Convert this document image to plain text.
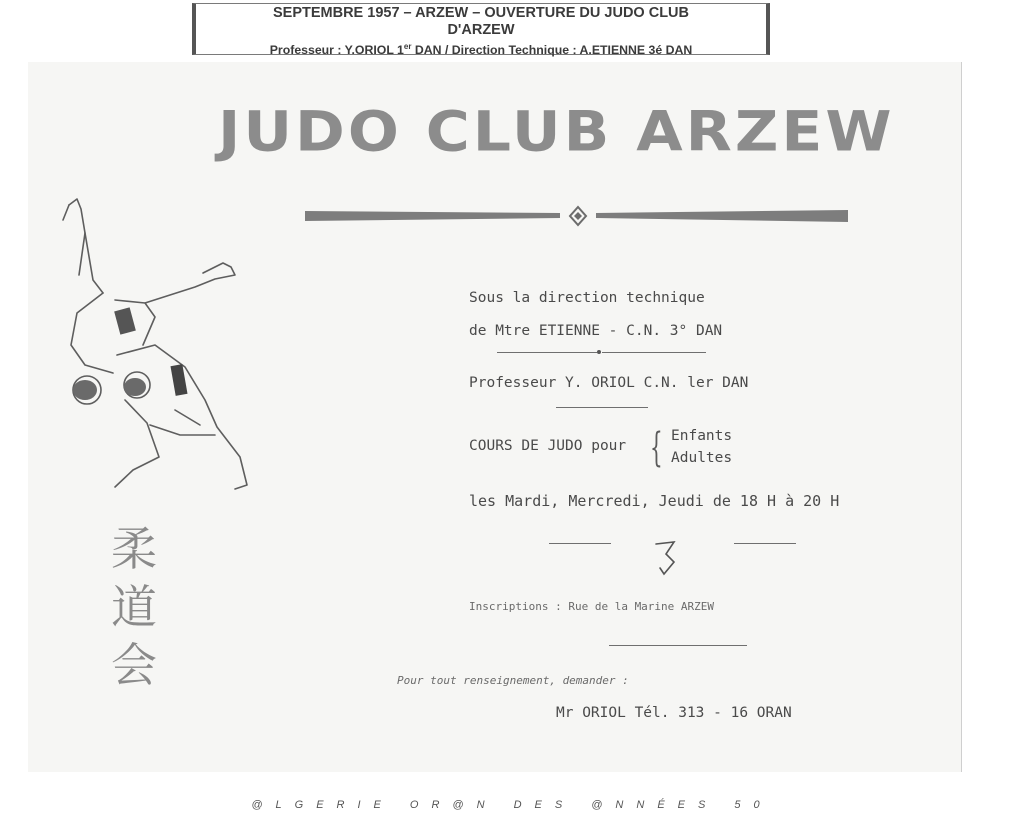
SEPTEMBRE 1957 – ARZEW – OUVERTURE DU JUDO CLUB
D'ARZEW
Professeur : Y.ORIOL 1er DAN / Direction Technique : A.ETIENNE 3é DAN
JUDO CLUB ARZEW
柔
道
会
Sous la direction technique
de Mtre ETIENNE - C.N. 3° DAN
Professeur Y. ORIOL C.N. ler DAN
COURS DE JUDO pour { Enfants
Adultes
les Mardi, Mercredi, Jeudi de 18 H à 20 H
Inscriptions : Rue de la Marine ARZEW
Pour tout renseignement, demander :
Mr ORIOL Tél. 313 - 16 ORAN
@LGERIE OR@N DES @NNÉES 50
